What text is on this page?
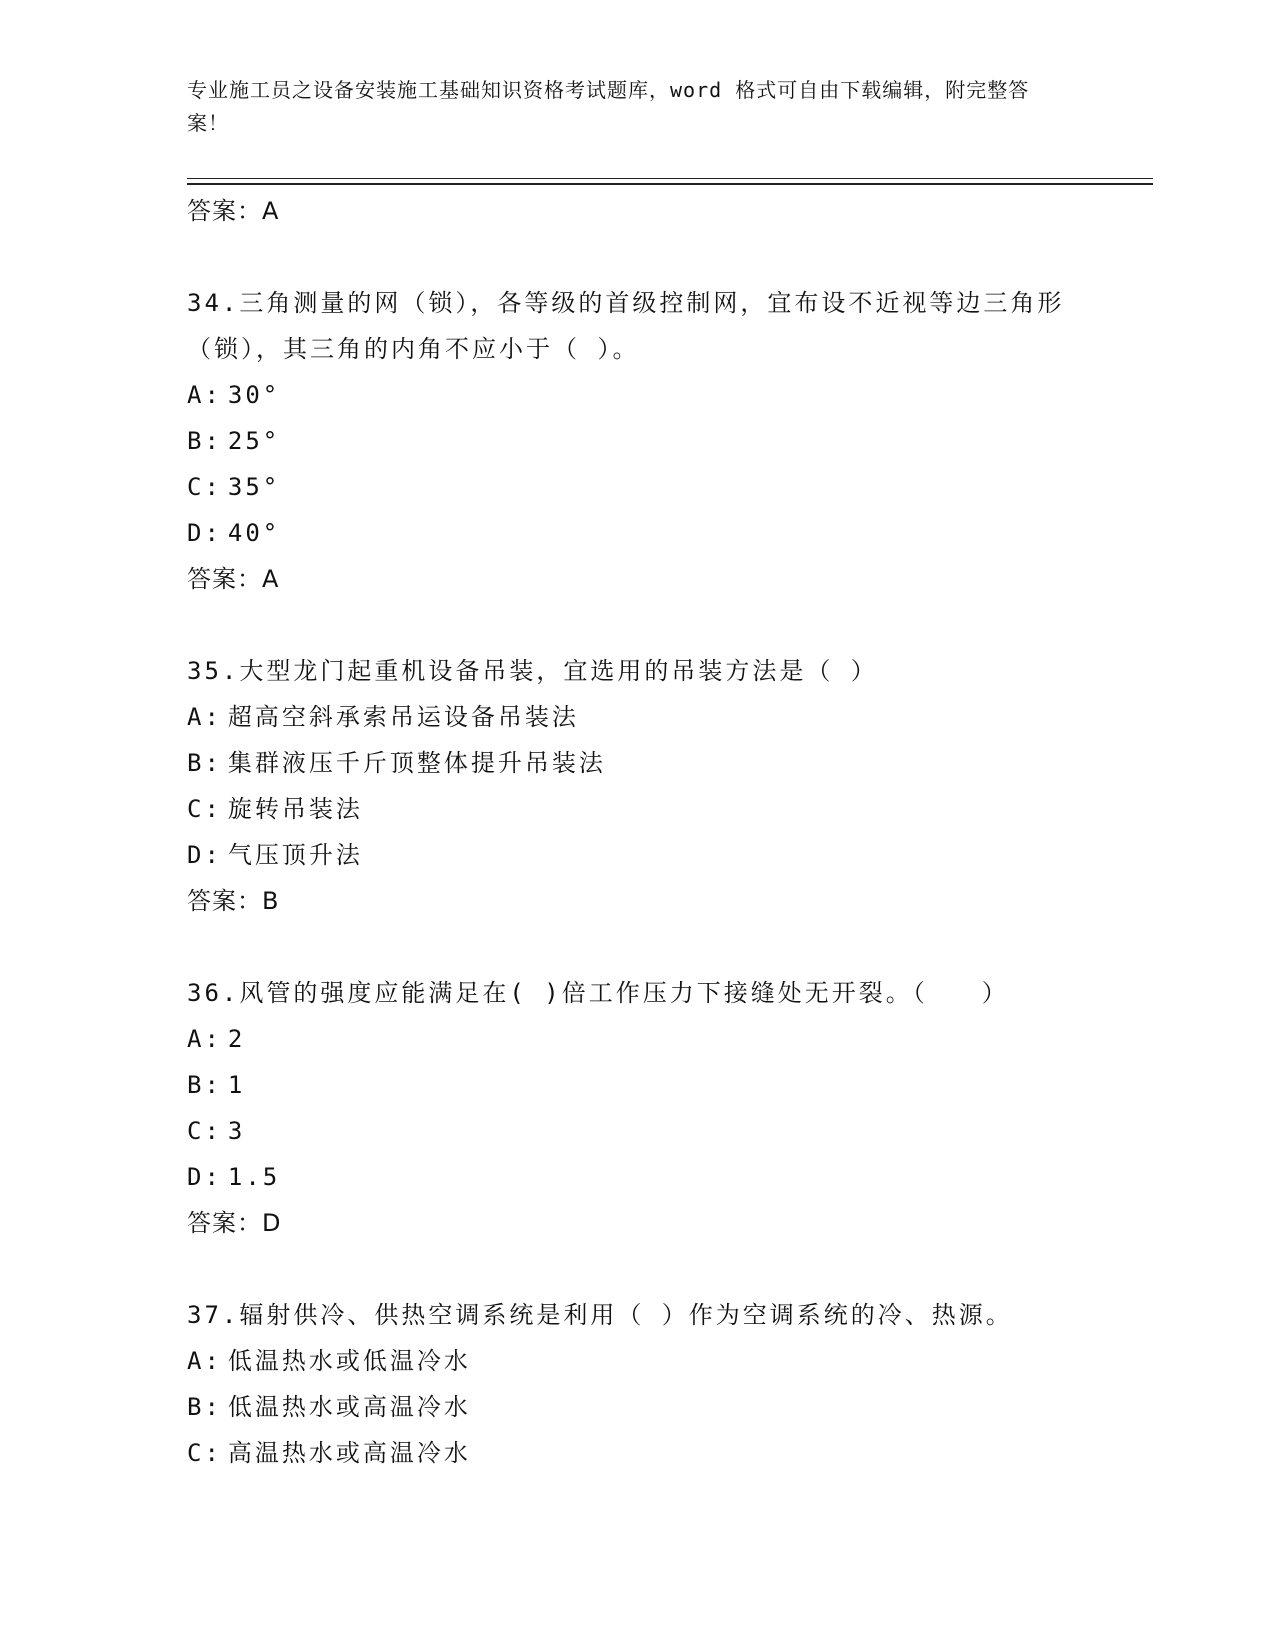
专业施工员之设备安装施工基础知识资格考试题库，word 格式可自由下载编辑，附完整答案！
答案：A
34.三角测量的网（锁），各等级的首级控制网，宜布设不近视等边三角形（锁），其三角的内角不应小于（ ）。
A: 30°
B: 25°
C: 35°
D: 40°
答案：A
35.大型龙门起重机设备吊装，宜选用的吊装方法是（ ）
A: 超高空斜承索吊运设备吊装法
B: 集群液压千斤顶整体提升吊装法
C: 旋转吊装法
D: 气压顶升法
答案：B
36.风管的强度应能满足在( )倍工作压力下接缝处无开裂。（　　）
A: 2
B: 1
C: 3
D: 1.5
答案：D
37.辐射供冷、供热空调系统是利用（ ）作为空调系统的冷、热源。
A: 低温热水或低温冷水
B: 低温热水或高温冷水
C: 高温热水或高温冷水
